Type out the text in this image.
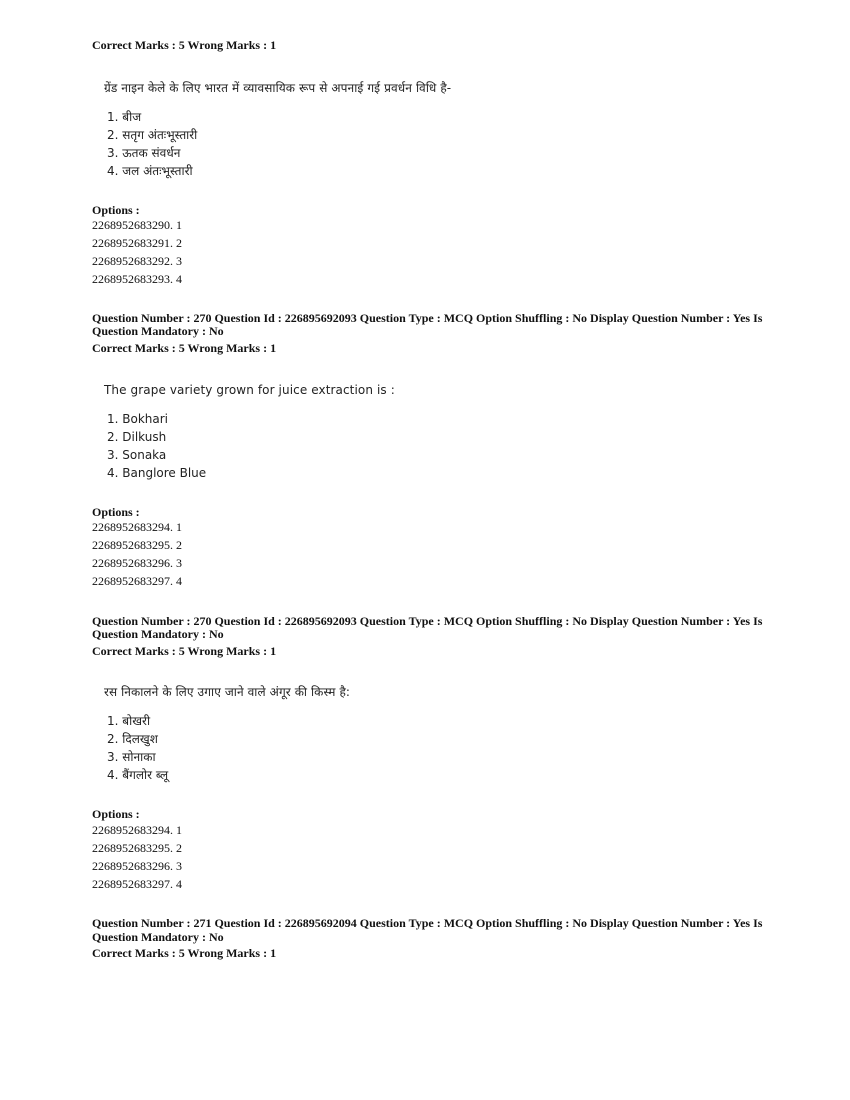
Correct Marks : 5 Wrong Marks : 1
ग्रेंड नाइन केले के लिए भारत में व्यावसायिक रूप से अपनाई गई प्रवर्धन विधि है-
1. बीज
2. सतृग अंतःभूस्तारी
3. ऊतक संवर्धन
4. जल अंतःभूस्तारी
Options :
2268952683290. 1
2268952683291. 2
2268952683292. 3
2268952683293. 4
Question Number : 270 Question Id : 226895692093 Question Type : MCQ Option Shuffling : No Display Question Number : Yes Is
Question Mandatory : No
Correct Marks : 5 Wrong Marks : 1
The grape variety grown for juice extraction is :
1. Bokhari
2. Dilkush
3. Sonaka
4. Banglore Blue
Options :
2268952683294. 1
2268952683295. 2
2268952683296. 3
2268952683297. 4
Question Number : 270 Question Id : 226895692093 Question Type : MCQ Option Shuffling : No Display Question Number : Yes Is
Question Mandatory : No
Correct Marks : 5 Wrong Marks : 1
रस निकालने के लिए उगाए जाने वाले अंगूर की किस्म है:
1. बोखरी
2. दिलखुश
3. सोनाका
4. बैंगलोर ब्लू
Options :
2268952683294. 1
2268952683295. 2
2268952683296. 3
2268952683297. 4
Question Number : 271 Question Id : 226895692094 Question Type : MCQ Option Shuffling : No Display Question Number : Yes Is
Question Mandatory : No
Correct Marks : 5 Wrong Marks : 1
